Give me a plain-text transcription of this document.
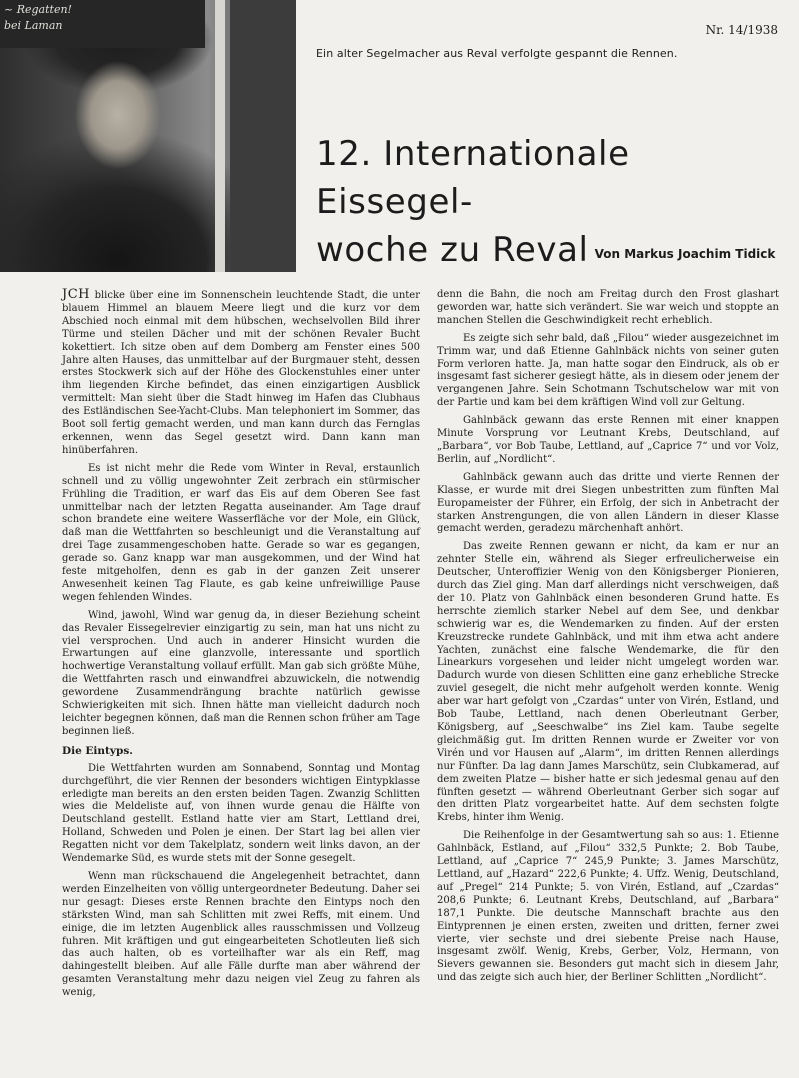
~ Regatten!
bei Laman	Nr. 14/1938
Ein alter Segelmacher aus Reval verfolgte gespannt die Rennen.
12. Internationale Eissegel-
woche zu Reval Von Markus Joachim Tidick

JCH blicke über eine im Sonnenschein leuchtende Stadt, die unter blauem Himmel an blauem Meere liegt und die kurz vor dem Abschied noch einmal mit dem hübschen, wechselvollen Bild ihrer Türme und steilen Dächer und mit der schönen Revaler Bucht kokettiert. Ich sitze oben auf dem Domberg am Fenster eines 500 Jahre alten Hauses, das unmittelbar auf der Burgmauer steht, dessen erstes Stockwerk sich auf der Höhe des Glockenstuhles einer unter ihm liegenden Kirche befindet, das einen einzigartigen Ausblick vermittelt: Man sieht über die Stadt hinweg im Hafen das Clubhaus des Estländischen See-Yacht-Clubs. Man telephoniert im Sommer, das Boot soll fertig gemacht werden, und man kann durch das Fernglas erkennen, wenn das Segel gesetzt wird. Dann kann man hinüberfahren.

Es ist nicht mehr die Rede vom Winter in Reval, erstaunlich schnell und zu völlig ungewohnter Zeit zerbrach ein stürmischer Frühling die Tradition, er warf das Eis auf dem Oberen See fast unmittelbar nach der letzten Regatta auseinander. Am Tage drauf schon brandete eine weitere Wasserfläche vor der Mole, ein Glück, daß man die Wettfahrten so beschleunigt und die Veranstaltung auf drei Tage zusammengeschoben hatte. Gerade so war es gegangen, gerade so. Ganz knapp war man ausgekommen, und der Wind hat feste mitgeholfen, denn es gab in der ganzen Zeit unserer Anwesenheit keinen Tag Flaute, es gab keine unfreiwillige Pause wegen fehlenden Windes.

Wind, jawohl, Wind war genug da, in dieser Beziehung scheint das Revaler Eissegelrevier einzigartig zu sein, man hat uns nicht zu viel versprochen. Und auch in anderer Hinsicht wurden die Erwartungen auf eine glanzvolle, interessante und sportlich hochwertige Veranstaltung vollauf erfüllt. Man gab sich größte Mühe, die Wettfahrten rasch und einwandfrei abzuwickeln, die notwendig gewordene Zusammendrängung brachte natürlich gewisse Schwierigkeiten mit sich. Ihnen hätte man vielleicht dadurch noch leichter begegnen können, daß man die Rennen schon früher am Tage beginnen ließ.

Die Eintyps.

Die Wettfahrten wurden am Sonnabend, Sonntag und Montag durchgeführt, die vier Rennen der besonders wichtigen Eintypklasse erledigte man bereits an den ersten beiden Tagen. Zwanzig Schlitten wies die Meldeliste auf, von ihnen wurde genau die Hälfte von Deutschland gestellt. Estland hatte vier am Start, Lettland drei, Holland, Schweden und Polen je einen. Der Start lag bei allen vier Regatten nicht vor dem Takelplatz, sondern weit links davon, an der Wendemarke Süd, es wurde stets mit der Sonne gesegelt.

Wenn man rückschauend die Angelegenheit betrachtet, dann werden Einzelheiten von völlig untergeordneter Bedeutung. Daher sei nur gesagt: Dieses erste Rennen brachte den Eintyps noch den stärksten Wind, man sah Schlitten mit zwei Reffs, mit einem. Und einige, die im letzten Augenblick alles rausschmissen und Vollzeug fuhren. Mit kräftigen und gut eingearbeiteten Schotleuten ließ sich das auch halten, ob es vorteilhafter war als ein Reff, mag dahingestellt bleiben. Auf alle Fälle durfte man aber während der gesamten Veranstaltung mehr dazu neigen viel Zeug zu fahren als wenig,

denn die Bahn, die noch am Freitag durch den Frost glashart geworden war, hatte sich verändert. Sie war weich und stoppte an manchen Stellen die Geschwindigkeit recht erheblich.

Es zeigte sich sehr bald, daß „Filou“ wieder ausgezeichnet im Trimm war, und daß Etienne Gahlnbäck nichts von seiner guten Form verloren hatte. Ja, man hatte sogar den Eindruck, als ob er insgesamt fast sicherer gesiegt hätte, als in diesem oder jenem der vergangenen Jahre. Sein Schotmann Tschutschelow war mit von der Partie und kam bei dem kräftigen Wind voll zur Geltung.

Gahlnbäck gewann das erste Rennen mit einer knappen Minute Vorsprung vor Leutnant Krebs, Deutschland, auf „Barbara“, vor Bob Taube, Lettland, auf „Caprice 7“ und vor Volz, Berlin, auf „Nordlicht“.

Gahlnbäck gewann auch das dritte und vierte Rennen der Klasse, er wurde mit drei Siegen unbestritten zum fünften Mal Europameister der Führer, ein Erfolg, der sich in Anbetracht der starken Anstrengungen, die von allen Ländern in dieser Klasse gemacht werden, geradezu märchenhaft anhört.

Das zweite Rennen gewann er nicht, da kam er nur an zehnter Stelle ein, während als Sieger erfreulicherweise ein Deutscher, Unteroffizier Wenig von den Königsberger Pionieren, durch das Ziel ging. Man darf allerdings nicht verschweigen, daß der 10. Platz von Gahlnbäck einen besonderen Grund hatte. Es herrschte ziemlich starker Nebel auf dem See, und denkbar schwierig war es, die Wendemarken zu finden. Auf der ersten Kreuzstrecke rundete Gahlnbäck, und mit ihm etwa acht andere Yachten, zunächst eine falsche Wendemarke, die für den Linearkurs vorgesehen und leider nicht umgelegt worden war. Dadurch wurde von diesen Schlitten eine ganz erhebliche Strecke zuviel gesegelt, die nicht mehr aufgeholt werden konnte. Wenig aber war hart gefolgt von „Czardas“ unter von Virén, Estland, und Bob Taube, Lettland, nach denen Oberleutnant Gerber, Königsberg, auf „Seeschwalbe“ ins Ziel kam. Taube segelte gleichmäßig gut. Im dritten Rennen wurde er Zweiter vor von Virén und vor Hausen auf „Alarm“, im dritten Rennen allerdings nur Fünfter. Da lag dann James Marschütz, sein Clubkamerad, auf dem zweiten Platze — bisher hatte er sich jedesmal genau auf den fünften gesetzt — während Oberleutnant Gerber sich sogar auf den dritten Platz vorgearbeitet hatte. Auf dem sechsten folgte Krebs, hinter ihm Wenig.

Die Reihenfolge in der Gesamtwertung sah so aus: 1. Etienne Gahlnbäck, Estland, auf „Filou“ 332,5 Punkte; 2. Bob Taube, Lettland, auf „Caprice 7“ 245,9 Punkte; 3. James Marschütz, Lettland, auf „Hazard“ 222,6 Punkte; 4. Uffz. Wenig, Deutschland, auf „Pregel“ 214 Punkte; 5. von Virén, Estland, auf „Czardas“ 208,6 Punkte; 6. Leutnant Krebs, Deutschland, auf „Barbara“ 187,1 Punkte. Die deutsche Mannschaft brachte aus den Eintyprennen je einen ersten, zweiten und dritten, ferner zwei vierte, vier sechste und drei siebente Preise nach Hause, insgesamt zwölf. Wenig, Krebs, Gerber, Volz, Hermann, von Sievers gewannen sie. Besonders gut macht sich in diesem Jahr, und das zeigte sich auch hier, der Berliner Schlitten „Nordlicht“.
